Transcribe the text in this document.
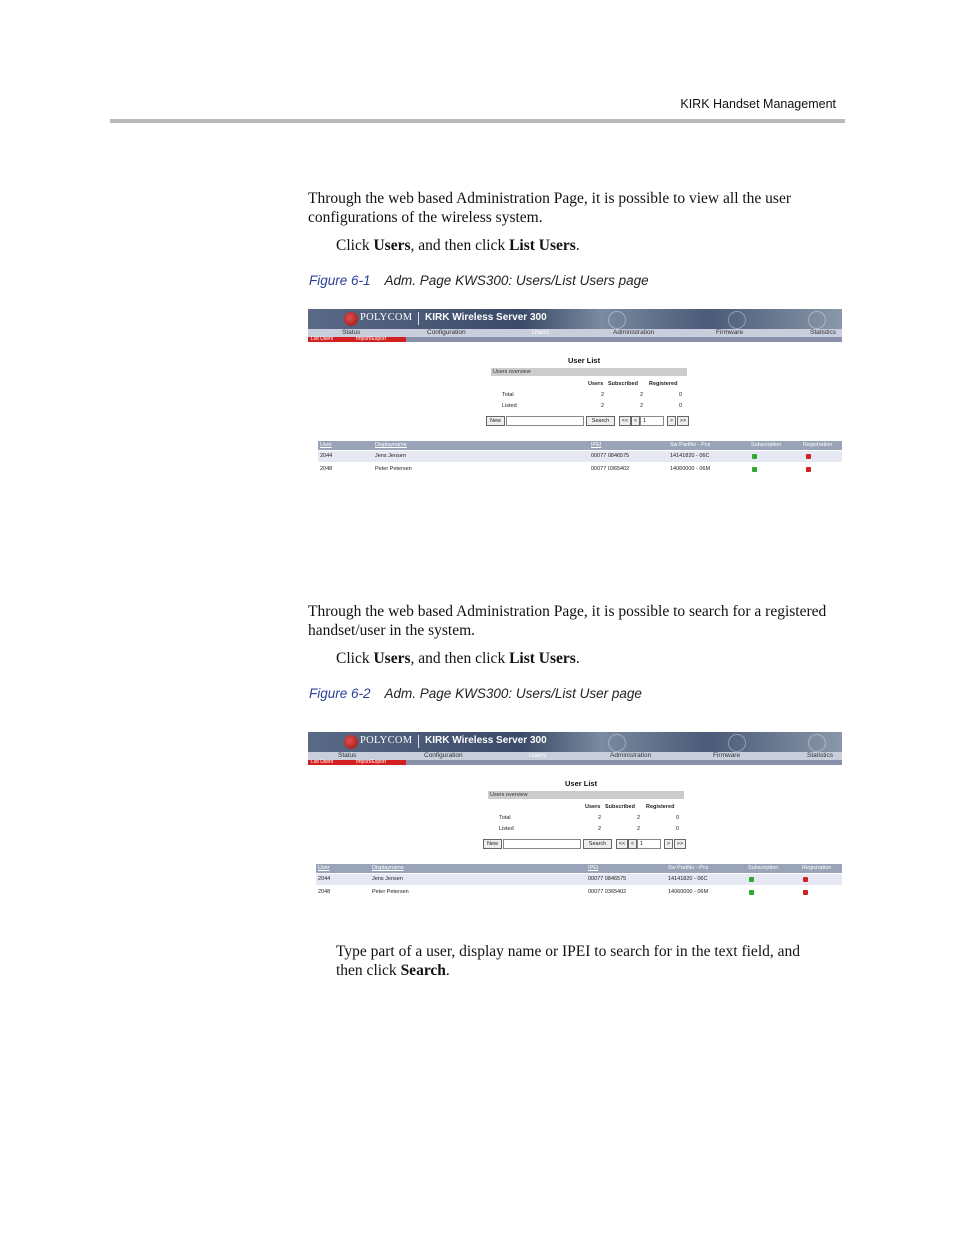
KIRK Handset Management
Through the web based Administration Page, it is possible to view all the user configurations of the wireless system.
Click Users, and then click List Users.
Figure 6-1 Adm. Page KWS300: Users/List Users page
POLYCOM KIRK Wireless Server 300
Status	Configuration	Users	Administration	Firmware	Statistics
List Users	Import/Export
User List
Users overview
Users Subscribed Registered
Total	2	2	0
Listed	2	2	0
New	Search	<<	<	1	>	>>
User	Displayname	IPEI	Sw PartNo - Pcs	Subscription	Registration
2044	Jens Jensen	00077 0846575	14141820 - 06C
2048	Peter Petersen	00077 0365402	14060000 - 06M
Through the web based Administration Page, it is possible to search for a registered handset/user in the system.
Click Users, and then click List Users.
Figure 6-2 Adm. Page KWS300: Users/List User page
POLYCOM KIRK Wireless Server 300
Status	Configuration	Users	Administration	Firmware	Statistics
List Users	Import/Export
User List
Users overview
Users Subscribed Registered
Total	2	2	0
Listed	2	2	0
New	Search	<<	<	1	>	>>
User	Displayname	IPEI	Sw PartNo - Pcs	Subscription	Registration
2044	Jens Jensen	00077 0846575	14141820 - 06C
2048	Peter Petersen	00077 0365402	14060000 - 06M
Type part of a user, display name or IPEI to search for in the text field, and then click Search.
